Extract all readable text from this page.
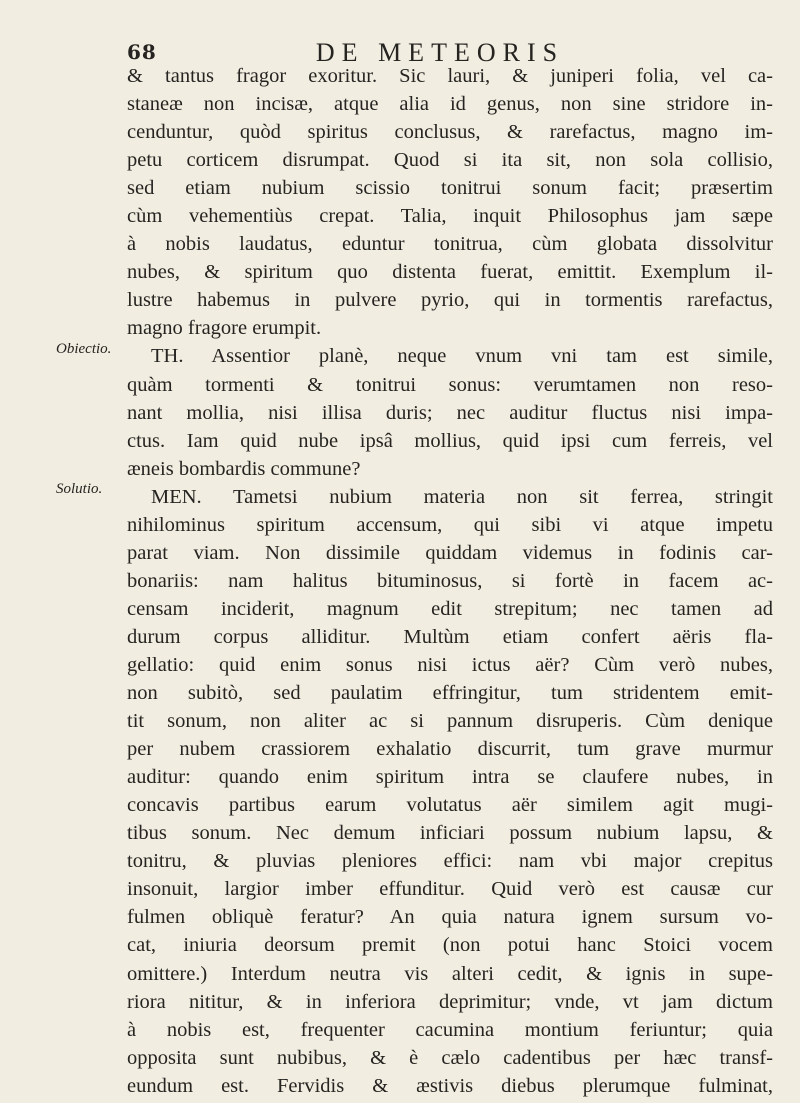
68	DE METEORIS
Obiectio.
Solutio.
& tantus fragor exoritur. Sic lauri, & juniperi folia, vel ca-
staneæ non incisæ, atque alia id genus, non sine stridore in-
cenduntur, quòd spiritus conclusus, & rarefactus, magno im-
petu corticem disrumpat. Quod si ita sit, non sola collisio,
sed etiam nubium scissio tonitrui sonum facit; præsertim
cùm vehementiùs crepat. Talia, inquit Philosophus jam sæpe
à nobis laudatus, eduntur tonitrua, cùm globata dissolvitur
nubes, & spiritum quo distenta fuerat, emittit. Exemplum il-
lustre habemus in pulvere pyrio, qui in tormentis rarefactus,
magno fragore erumpit.
TH. Assentior planè, neque vnum vni tam est simile,
quàm tormenti & tonitrui sonus: verumtamen non reso-
nant mollia, nisi illisa duris; nec auditur fluctus nisi impa-
ctus. Iam quid nube ipsâ mollius, quid ipsi cum ferreis, vel
æneis bombardis commune?
MEN. Tametsi nubium materia non sit ferrea, stringit
nihilominus spiritum accensum, qui sibi vi atque impetu
parat viam. Non dissimile quiddam videmus in fodinis car-
bonariis: nam halitus bituminosus, si fortè in facem ac-
censam inciderit, magnum edit strepitum; nec tamen ad
durum corpus alliditur. Multùm etiam confert aëris fla-
gellatio: quid enim sonus nisi ictus aër? Cùm verò nubes,
non subitò, sed paulatim effringitur, tum stridentem emit-
tit sonum, non aliter ac si pannum disruperis. Cùm denique
per nubem crassiorem exhalatio discurrit, tum grave murmur
auditur: quando enim spiritum intra se claufere nubes, in
concavis partibus earum volutatus aër similem agit mugi-
tibus sonum. Nec demum inficiari possum nubium lapsu, &
tonitru, & pluvias pleniores effici: nam vbi major crepitus
insonuit, largior imber effunditur. Quid verò est causæ cur
fulmen obliquè feratur? An quia natura ignem sursum vo-
cat, iniuria deorsum premit (non potui hanc Stoici vocem
omittere.) Interdum neutra vis alteri cedit, & ignis in supe-
riora nititur, & in inferiora deprimitur; vnde, vt jam dictum
à nobis est, frequenter cacumina montium feriuntur; quia
opposita sunt nubibus, & è cælo cadentibus per hæc transf-
eundum est. Fervidis & æstivis diebus plerumque fulminat,
